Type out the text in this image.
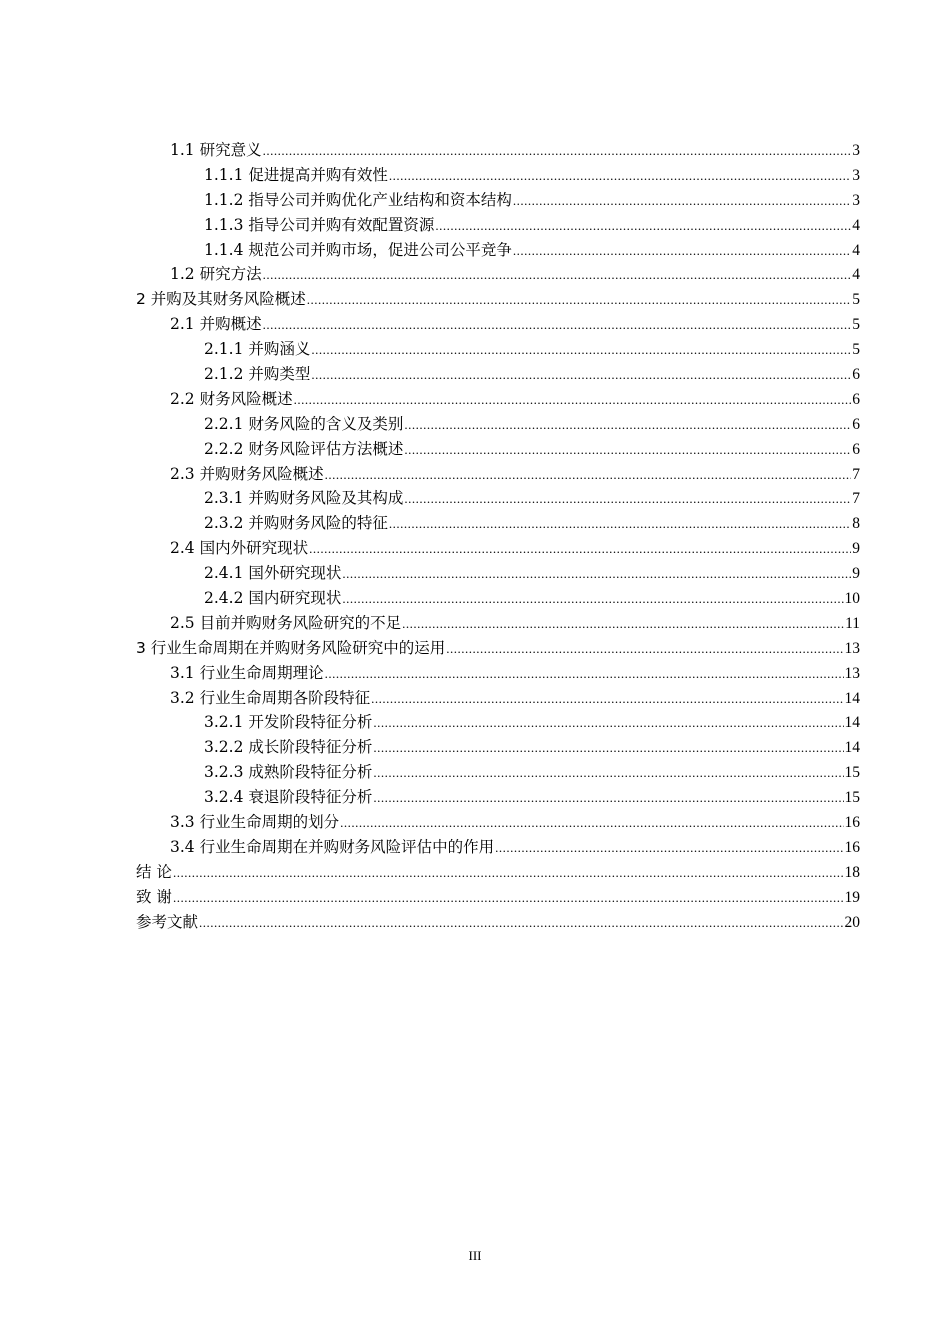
1.1 研究意义 .....	3
1.1.1 促进提高并购有效性 .....	3
1.1.2 指导公司并购优化产业结构和资本结构 .....	3
1.1.3 指导公司并购有效配置资源 .....	4
1.1.4 规范公司并购市场，促进公司公平竞争 .....	4
1.2 研究方法 .....	4
2 并购及其财务风险概述 .....	5
2.1 并购概述 .....	5
2.1.1 并购涵义 .....	5
2.1.2 并购类型 .....	6
2.2 财务风险概述 .....	6
2.2.1 财务风险的含义及类别 .....	6
2.2.2 财务风险评估方法概述 .....	6
2.3 并购财务风险概述 .....	7
2.3.1 并购财务风险及其构成 .....	7
2.3.2 并购财务风险的特征 .....	8
2.4 国内外研究现状 .....	9
2.4.1 国外研究现状 .....	9
2.4.2 国内研究现状 .....	10
2.5 目前并购财务风险研究的不足 .....	11
3 行业生命周期在并购财务风险研究中的运用 .....	13
3.1 行业生命周期理论 .....	13
3.2 行业生命周期各阶段特征 .....	14
3.2.1 开发阶段特征分析 .....	14
3.2.2 成长阶段特征分析 .....	14
3.2.3 成熟阶段特征分析 .....	15
3.2.4 衰退阶段特征分析 .....	15
3.3 行业生命周期的划分 .....	16
3.4 行业生命周期在并购财务风险评估中的作用 .....	16
结 论 .....	18
致 谢 .....	19
参考文献 .....	20
III
